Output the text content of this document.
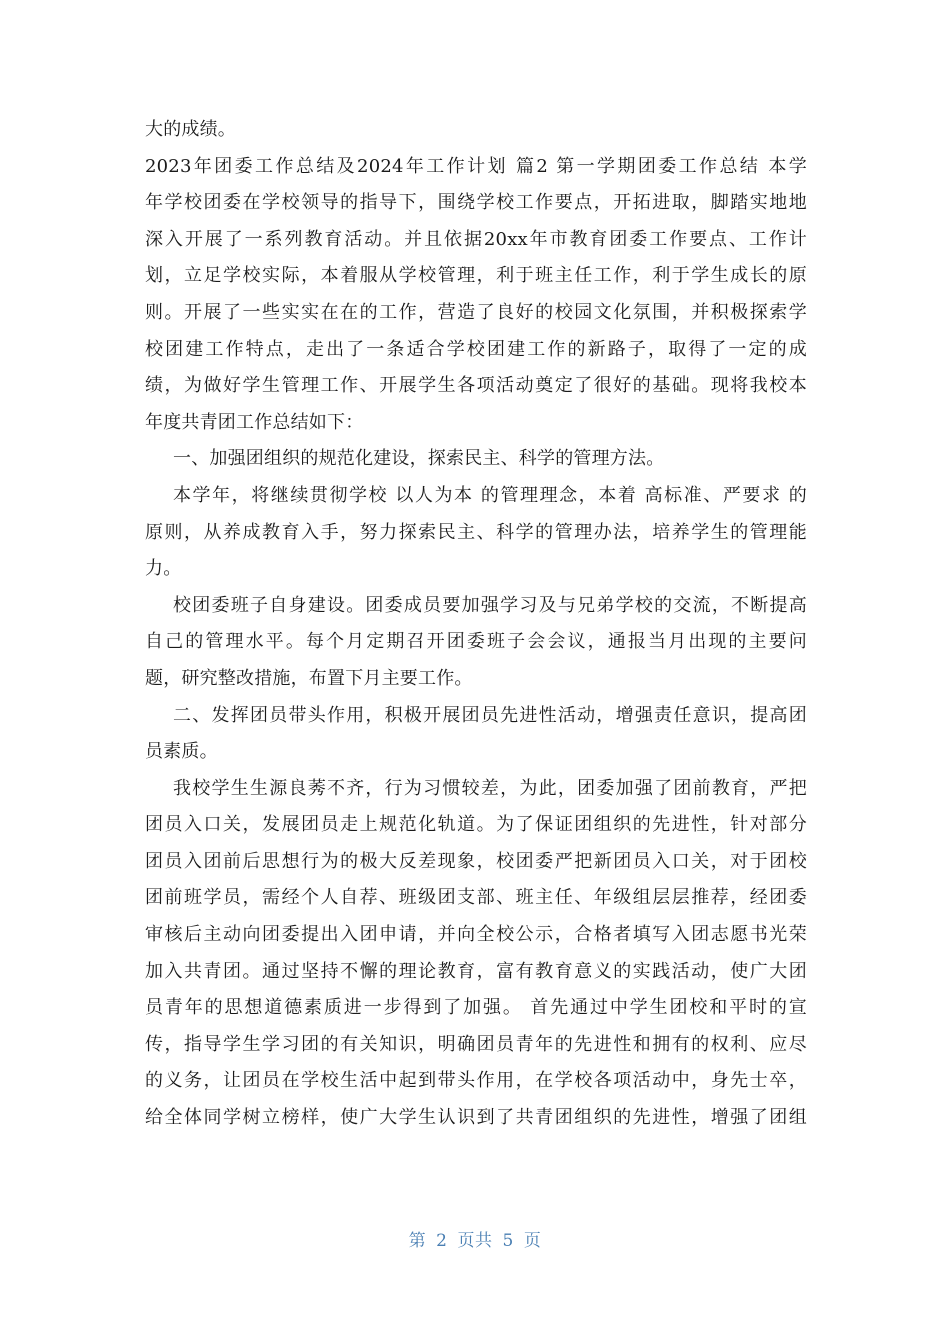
大的成绩。
2023年团委工作总结及2024年工作计划 篇2 第一学期团委工作总结 本学
年学校团委在学校领导的指导下，围绕学校工作要点，开拓进取，脚踏实地地
深入开展了一系列教育活动。并且依据20xx年市教育团委工作要点、工作计
划，立足学校实际，本着服从学校管理，利于班主任工作，利于学生成长的原
则。开展了一些实实在在的工作，营造了良好的校园文化氛围，并积极探索学
校团建工作特点，走出了一条适合学校团建工作的新路子，取得了一定的成
绩，为做好学生管理工作、开展学生各项活动奠定了很好的基础。现将我校本
年度共青团工作总结如下：
一、加强团组织的规范化建设，探索民主、科学的管理方法。
本学年，将继续贯彻学校 以人为本 的管理理念，本着 高标准、严要求 的
原则，从养成教育入手，努力探索民主、科学的管理办法，培养学生的管理能
力。
校团委班子自身建设。团委成员要加强学习及与兄弟学校的交流，不断提高
自己的管理水平。每个月定期召开团委班子会会议，通报当月出现的主要问
题，研究整改措施，布置下月主要工作。
二、发挥团员带头作用，积极开展团员先进性活动，增强责任意识，提高团
员素质。
我校学生生源良莠不齐，行为习惯较差，为此，团委加强了团前教育，严把
团员入口关，发展团员走上规范化轨道。为了保证团组织的先进性，针对部分
团员入团前后思想行为的极大反差现象，校团委严把新团员入口关，对于团校
团前班学员，需经个人自荐、班级团支部、班主任、年级组层层推荐，经团委
审核后主动向团委提出入团申请，并向全校公示，合格者填写入团志愿书光荣
加入共青团。通过坚持不懈的理论教育，富有教育意义的实践活动，使广大团
员青年的思想道德素质进一步得到了加强。 首先通过中学生团校和平时的宣
传，指导学生学习团的有关知识，明确团员青年的先进性和拥有的权利、应尽
的义务，让团员在学校生活中起到带头作用，在学校各项活动中，身先士卒，
给全体同学树立榜样，使广大学生认识到了共青团组织的先进性，增强了团组
第 2 页共 5 页
